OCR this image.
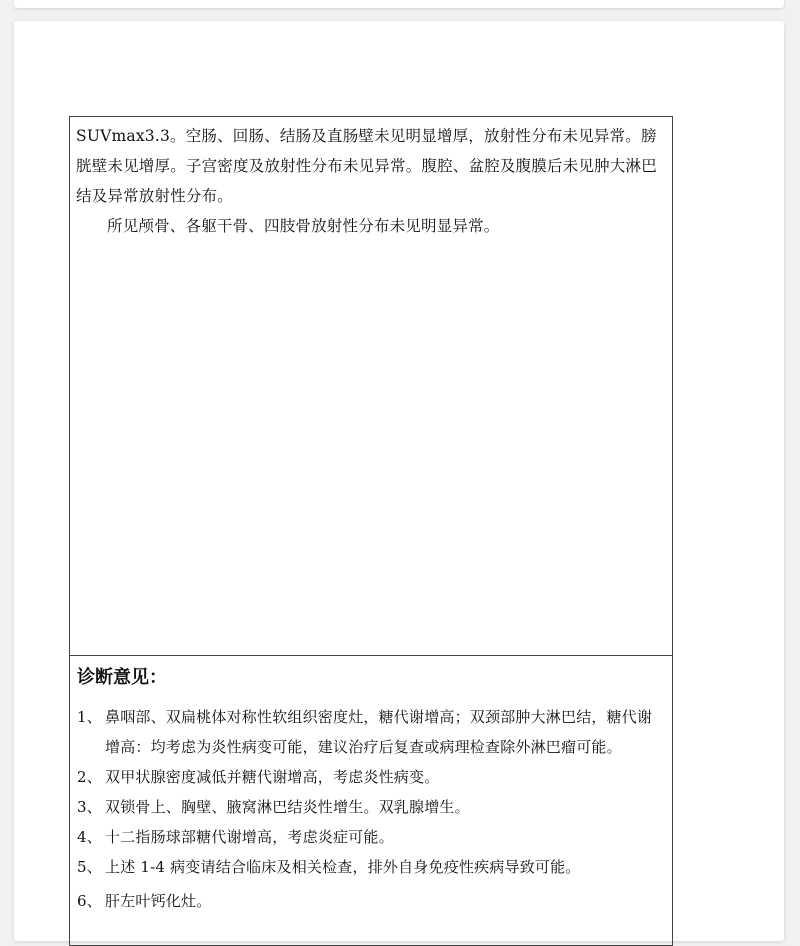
SUVmax3.3。空肠、回肠、结肠及直肠壁未见明显增厚，放射性分布未见异常。膀胱壁未见增厚。子宫密度及放射性分布未见异常。腹腔、盆腔及腹膜后未见肿大淋巴结及异常放射性分布。

所见颅骨、各躯干骨、四肢骨放射性分布未见明显异常。

诊断意见：
1、 鼻咽部、双扁桃体对称性软组织密度灶，糖代谢增高；双颈部肿大淋巴结，糖代谢增高：均考虑为炎性病变可能，建议治疗后复查或病理检查除外淋巴瘤可能。
2、 双甲状腺密度减低并糖代谢增高，考虑炎性病变。
3、 双锁骨上、胸壁、腋窝淋巴结炎性增生。双乳腺增生。
4、 十二指肠球部糖代谢增高，考虑炎症可能。
5、 上述 1-4 病变请结合临床及相关检查，排外自身免疫性疾病导致可能。
6、 肝左叶钙化灶。
